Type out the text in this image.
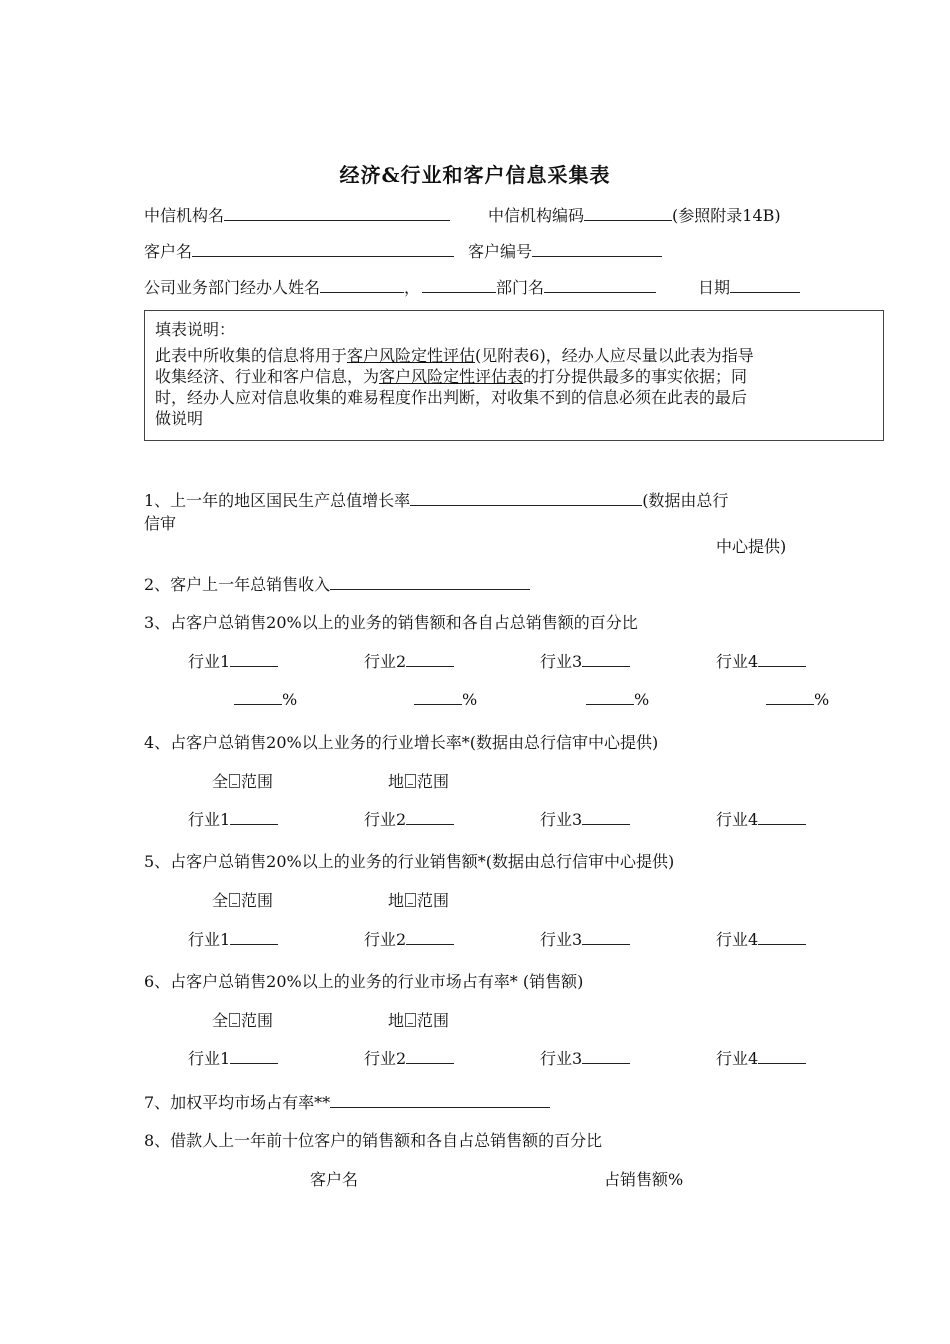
经济&行业和客户信息采集表
中信机构名	中信机构编码	(参照附录14B)
客户名	客户编号
公司业务部门经办人姓名	，	部门名	日期
填表说明：
此表中所收集的信息将用于客户风险定性评估(见附表6)，经办人应尽量以此表为指导
收集经济、行业和客户信息，为客户风险定性评估表的打分提供最多的事实依据；同
时，经办人应对信息收集的难易程度作出判断，对收集不到的信息必须在此表的最后
做说明
1、上一年的地区国民生产总值增长率	(数据由总行
信审
中心提供)
2、客户上一年总销售收入
3、占客户总销售20%以上的业务的销售额和各自占总销售额的百分比
行业1	行业2	行业3	行业4
%	%	%	%
4、占客户总销售20%以上业务的行业增长率*(数据由总行信审中心提供)
全 范围	地 范围
行业1	行业2	行业3	行业4
5、占客户总销售20%以上的业务的行业销售额*(数据由总行信审中心提供)
全 范围	地 范围
行业1	行业2	行业3	行业4
6、占客户总销售20%以上的业务的行业市场占有率* (销售额)
全 范围	地 范围
行业1	行业2	行业3	行业4
7、加权平均市场占有率**
8、借款人上一年前十位客户的销售额和各自占总销售额的百分比
客户名	占销售额%
